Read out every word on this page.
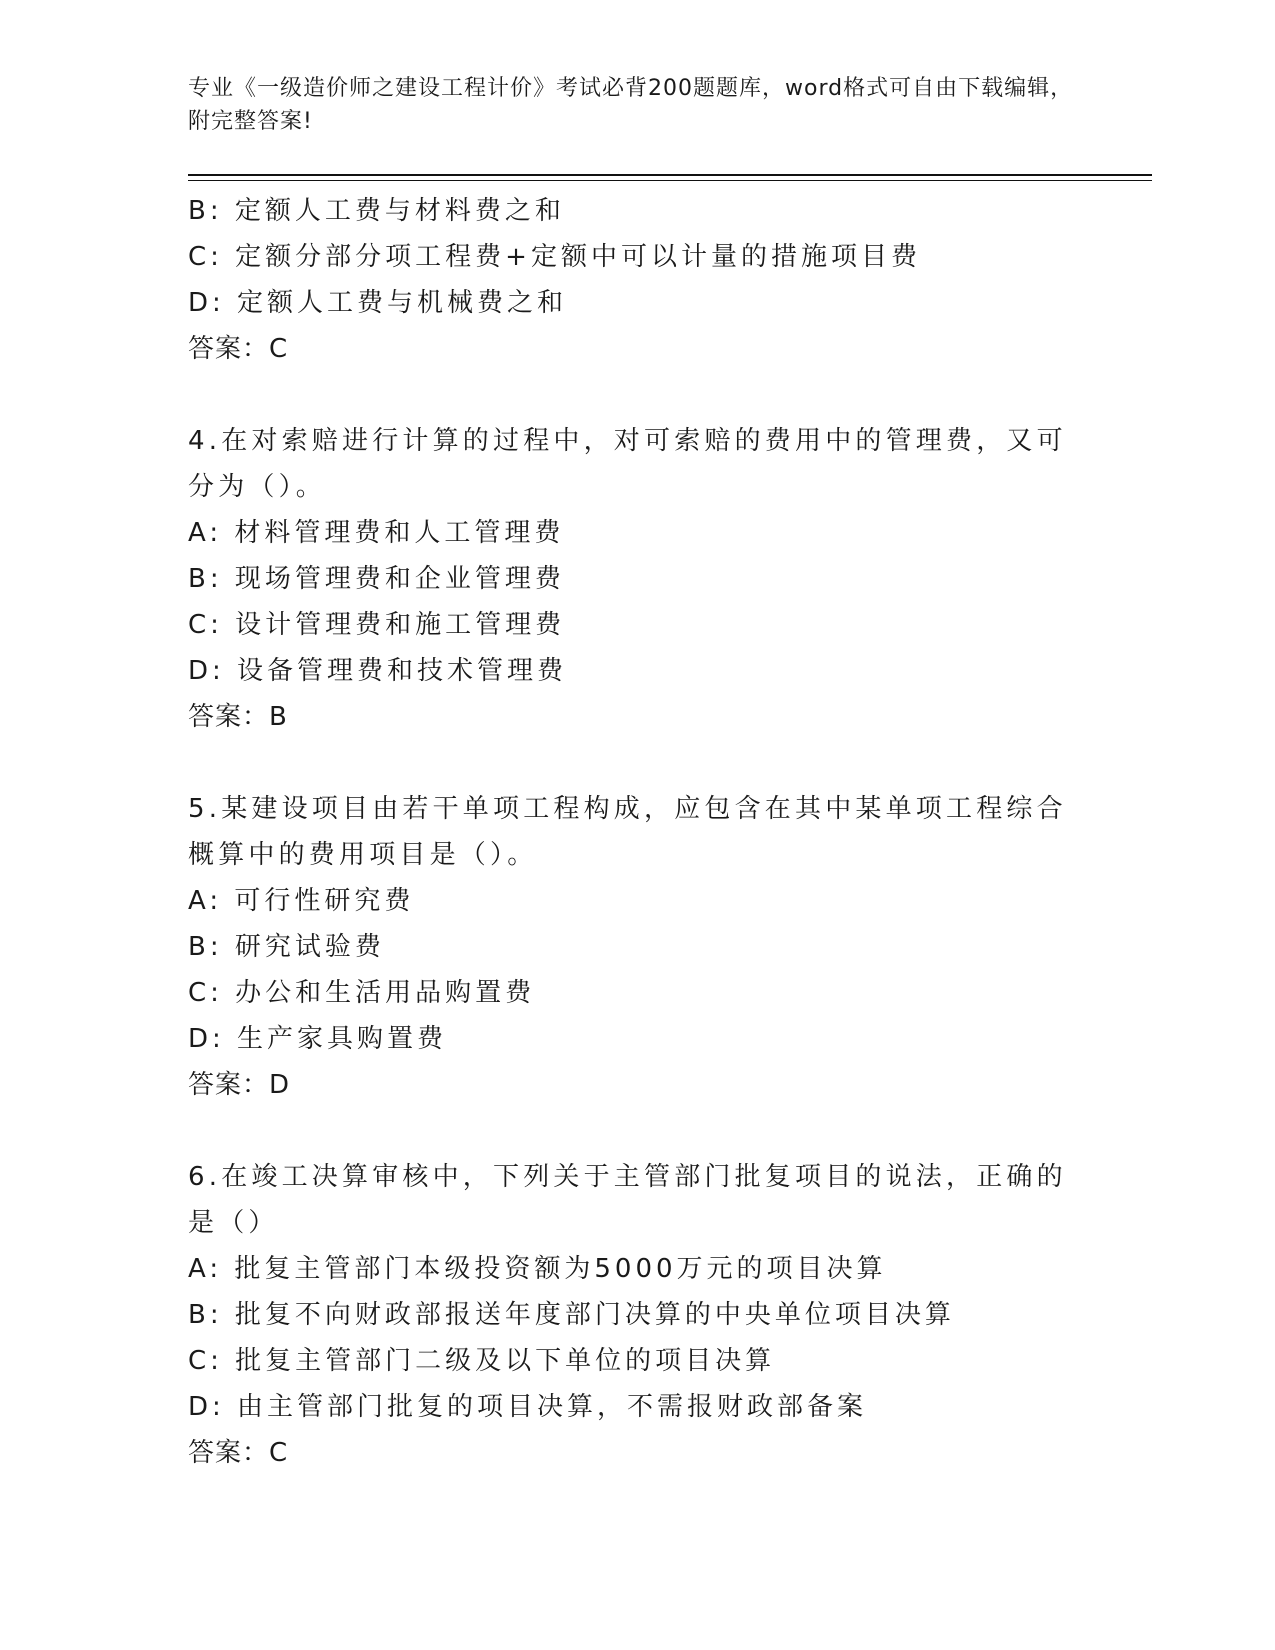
专业《一级造价师之建设工程计价》考试必背200题题库，word格式可自由下载编辑，附完整答案!
B: 定额人工费与材料费之和
C: 定额分部分项工程费+定额中可以计量的措施项目费
D: 定额人工费与机械费之和
答案：C
4.在对索赔进行计算的过程中，对可索赔的费用中的管理费，又可分为（）。
A: 材料管理费和人工管理费
B: 现场管理费和企业管理费
C: 设计管理费和施工管理费
D: 设备管理费和技术管理费
答案：B
5.某建设项目由若干单项工程构成，应包含在其中某单项工程综合概算中的费用项目是（）。
A: 可行性研究费
B: 研究试验费
C: 办公和生活用品购置费
D: 生产家具购置费
答案：D
6.在竣工决算审核中，下列关于主管部门批复项目的说法，正确的是（）
A: 批复主管部门本级投资额为5000万元的项目决算
B: 批复不向财政部报送年度部门决算的中央单位项目决算
C: 批复主管部门二级及以下单位的项目决算
D: 由主管部门批复的项目决算，不需报财政部备案
答案：C
